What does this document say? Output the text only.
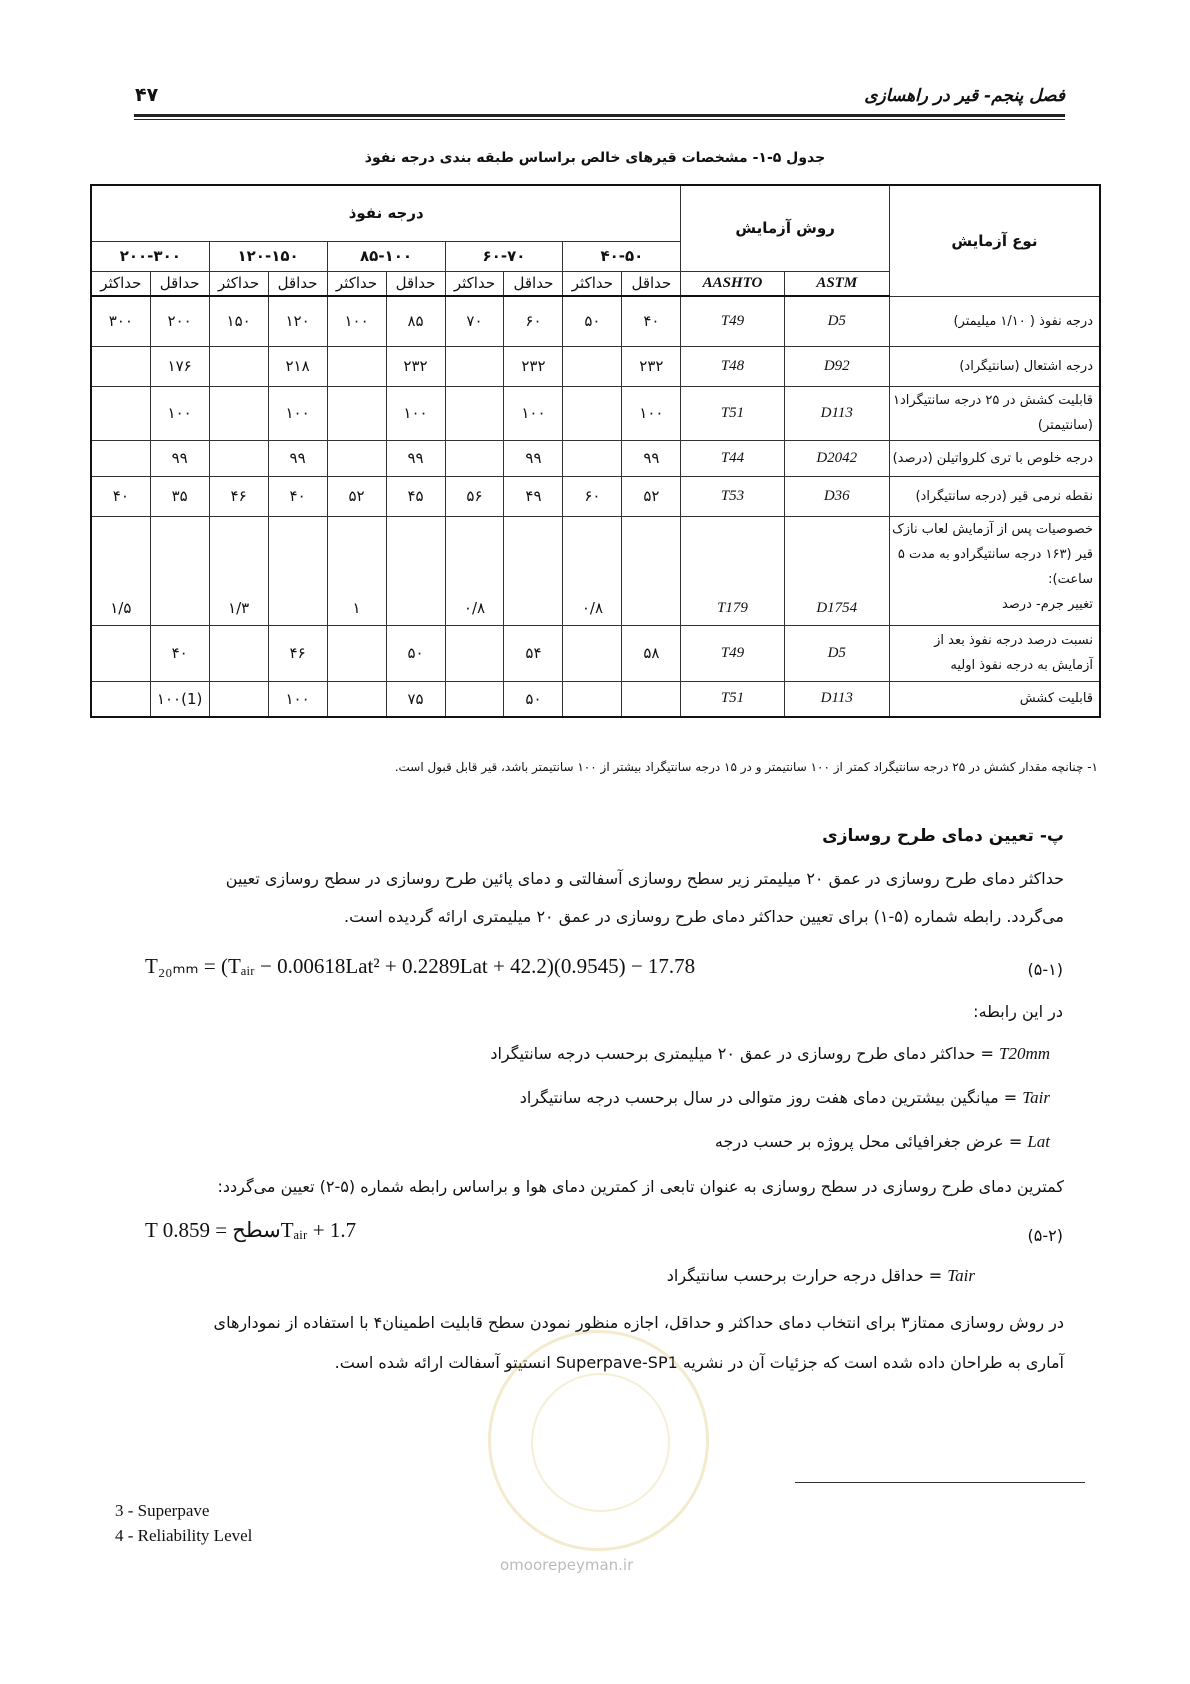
۴۷	فصل پنجم- قیر در راهسازی
جدول ۵-۱- مشخصات قیرهای خالص براساس طبقه بندی درجه نفوذ
نوع آزمایش	روش آزمایش		درجه نفوذ									
			۴۰-۵۰		۶۰-۷۰		۸۵-۱۰۰		۱۲۰-۱۵۰		۲۰۰-۳۰۰	
	ASTM	AASHTO	حداقل	حداکثر	حداقل	حداکثر	حداقل	حداکثر	حداقل	حداکثر	حداقل	حداکثر

درجه نفوذ ( ۱/۱۰ میلیمتر)	D5	T49	۴۰	۵۰	۶۰	۷۰	۸۵	۱۰۰	۱۲۰	۱۵۰	۲۰۰	۳۰۰

درجه اشتعال (سانتیگراد)	D92	T48	۲۳۲		۲۳۲		۲۳۲		۲۱۸		۱۷۶	

قابلیت کشش در ۲۵ درجه سانتیگراد۱
(سانتیمتر)	D113	T51	۱۰۰		۱۰۰		۱۰۰		۱۰۰		۱۰۰	

درجه خلوص با تری کلرواتیلن (درصد)	D2042	T44	۹۹		۹۹		۹۹		۹۹		۹۹	

نقطه نرمی قیر (درجه سانتیگراد)	D36	T53	۵۲	۶۰	۴۹	۵۶	۴۵	۵۲	۴۰	۴۶	۳۵	۴۰

خصوصیات پس از آزمایش لعاب نازک
قیر (۱۶۳ درجه سانتیگرادو به مدت ۵
ساعت):
تغییر جرم- درصد	D1754	T179		۰/۸		۰/۸		۱		۱/۳		۱/۵

نسبت درصد درجه نفوذ بعد از
آزمایش به درجه نفوذ اولیه	D5	T49	۵۸		۵۴		۵۰		۴۶		۴۰	

قابلیت کشش	D113	T51			۵۰		۷۵		۱۰۰		(1)۱۰۰	
۱- چنانچه مقدار کشش در ۲۵ درجه سانتیگراد کمتر از ۱۰۰ سانتیمتر و در ۱۵ درجه سانتیگراد بیشتر از ۱۰۰ سانتیمتر باشد، قیر قابل قبول است.
پ- تعیین دمای طرح روسازی
حداکثر دمای طرح روسازی در عمق ۲۰ میلیمتر زیر سطح روسازی آسفالتی و دمای پائین طرح روسازی در سطح روسازی تعیین
می‌گردد. رابطه شماره (۵-۱) برای تعیین حداکثر دمای طرح روسازی در عمق ۲۰ میلیمتری ارائه گردیده است.
T₂₀ₘₘ = (Tₐᵢᵣ − 0.00618Lat² + 0.2289Lat + 42.2)(0.9545) − 17.78	(۵-۱)
در این رابطه:
T20mm = حداکثر دمای طرح روسازی در عمق ۲۰ میلیمتری برحسب درجه سانتیگراد
Tair = میانگین بیشترین دمای هفت روز متوالی در سال برحسب درجه سانتیگراد
Lat = عرض جغرافیائی محل پروژه بر حسب درجه
کمترین دمای طرح روسازی در سطح روسازی به عنوان تابعی از کمترین دمای هوا و براساس رابطه شماره (۵-۲) تعیین می‌گردد:
T سطح = 0.859Tₐᵢᵣ + 1.7	(۵-۲)
Tair = حداقل درجه حرارت برحسب سانتیگراد
در روش روسازی ممتاز۳ برای انتخاب دمای حداکثر و حداقل، اجازه منظور نمودن سطح قابلیت اطمینان۴ با استفاده از نمودارهای
آماری به طراحان داده شده است که جزئیات آن در نشریه Superpave-SP1 انستیتو آسفالت ارائه شده است.
3 - Superpave
4 - Reliability Level
omoorepeyman.ir
